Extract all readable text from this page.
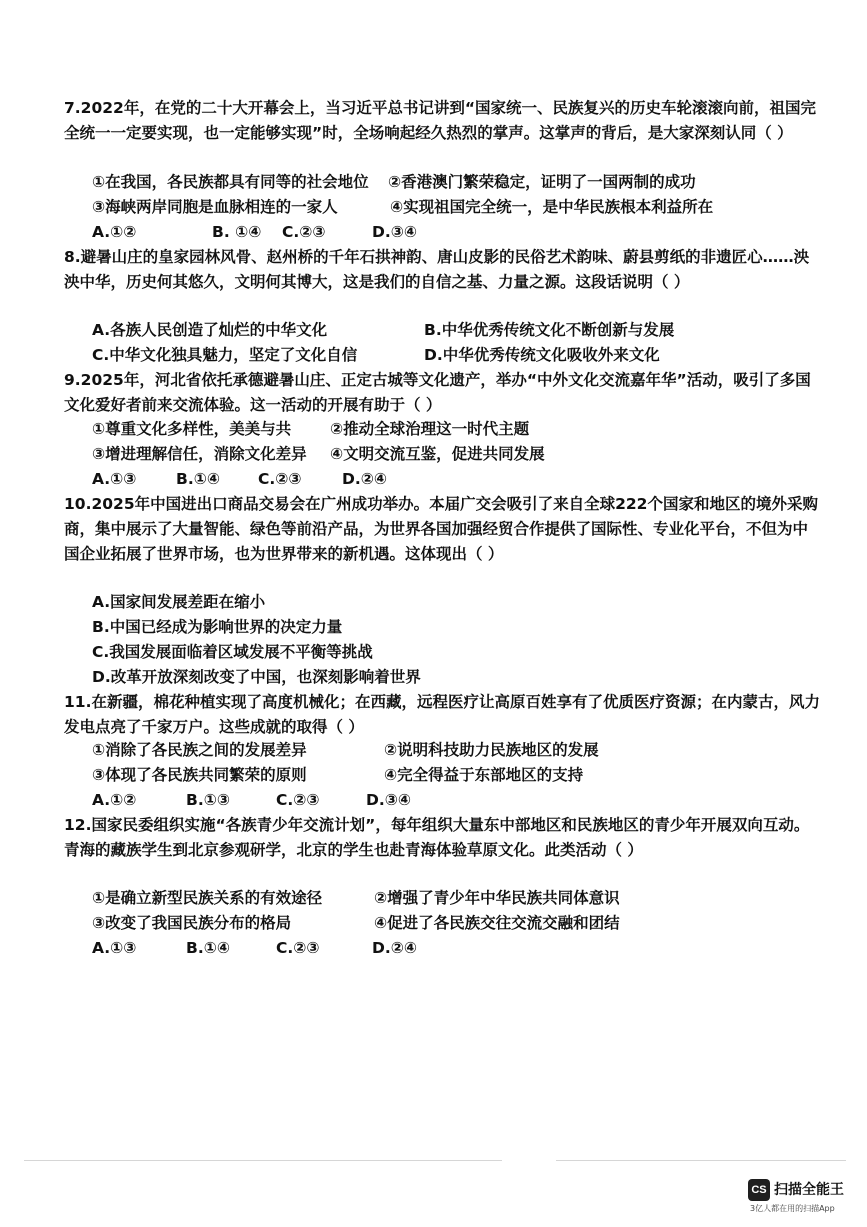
7.2022年，在党的二十大开幕会上，当习近平总书记讲到“国家统一、民族复兴的历史车轮滚滚向前，祖国完全统一一定要实现，也一定能够实现”时，全场响起经久热烈的掌声。这掌声的背后，是大家深刻认同（ ）

①在我国，各民族都具有同等的社会地位 ②香港澳门繁荣稳定，证明了一国两制的成功

③海峡两岸同胞是血脉相连的一家人	④实现祖国完全统一，是中华民族根本利益所在

A.①②	B. ①④ C.②③	D.③④

8.避暑山庄的皇家园林风骨、赵州桥的千年石拱神韵、唐山皮影的民俗艺术韵味、蔚县剪纸的非遗匠心……泱泱中华，历史何其悠久，文明何其博大，这是我们的自信之基、力量之源。这段话说明（ ）

A.各族人民创造了灿烂的中华文化	B.中华优秀传统文化不断创新与发展

C.中华文化独具魅力，坚定了文化自信	D.中华优秀传统文化吸收外来文化

9.2025年，河北省依托承德避暑山庄、正定古城等文化遗产，举办“中外文化交流嘉年华”活动，吸引了多国文化爱好者前来交流体验。这一活动的开展有助于（ ）

①尊重文化多样性，美美与共	②推动全球治理这一时代主题

③增进理解信任，消除文化差异 ④文明交流互鉴，促进共同发展

A.①③	B.①④ C.②③	D.②④

10.2025年中国进出口商品交易会在广州成功举办。本届广交会吸引了来自全球222个国家和地区的境外采购商，集中展示了大量智能、绿色等前沿产品，为世界各国加强经贸合作提供了国际性、专业化平台，不但为中国企业拓展了世界市场，也为世界带来的新机遇。这体现出（ ）

A.国家间发展差距在缩小

B.中国已经成为影响世界的决定力量

C.我国发展面临着区域发展不平衡等挑战

D.改革开放深刻改变了中国，也深刻影响着世界

11.在新疆，棉花种植实现了高度机械化；在西藏，远程医疗让高原百姓享有了优质医疗资源；在内蒙古，风力发电点亮了千家万户。这些成就的取得（ ）

①消除了各民族之间的发展差异	②说明科技助力民族地区的发展

③体现了各民族共同繁荣的原则	④完全得益于东部地区的支持

A.①②	B.①③	C.②③	D.③④

12.国家民委组织实施“各族青少年交流计划”，每年组织大量东中部地区和民族地区的青少年开展双向互动。青海的藏族学生到北京参观研学，北京的学生也赴青海体验草原文化。此类活动（ ）

①是确立新型民族关系的有效途径	②增强了青少年中华民族共同体意识

③改变了我国民族分布的格局	④促进了各民族交往交流交融和团结

A.①③	B.①④	C.②③	D.②④

CS 扫描全能王
3亿人都在用的扫描App
